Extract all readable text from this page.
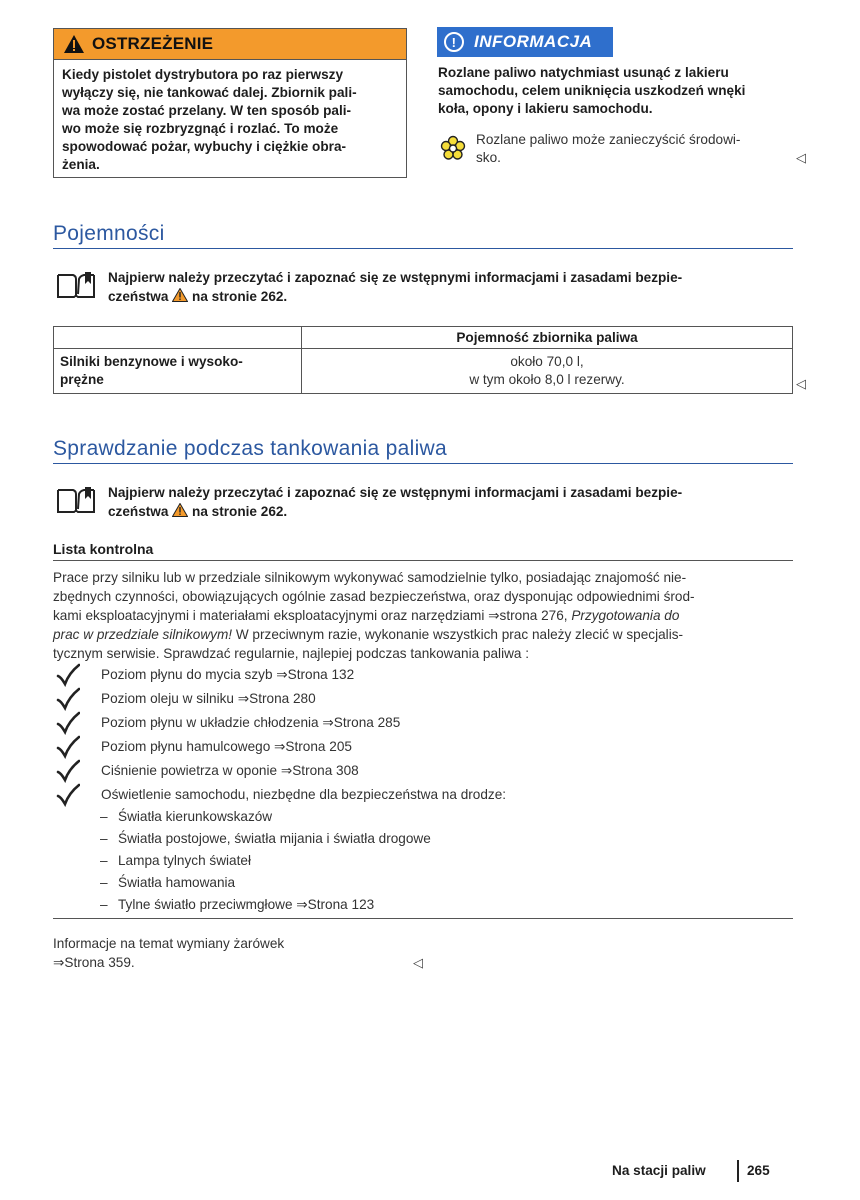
OSTRZEŻENIE
Kiedy pistolet dystrybutora po raz pierwszy
wyłączy się, nie tankować dalej. Zbiornik pali-
wa może zostać przelany. W ten sposób pali-
wo może się rozbryzgnąć i rozlać. To może
spowodować pożar, wybuchy i ciężkie obra-
żenia.
!	INFORMACJA
Rozlane paliwo natychmiast usunąć z lakieru
samochodu, celem uniknięcia uszkodzeń wnęki
koła, opony i lakieru samochodu.
Rozlane paliwo może zanieczyścić środowi-
sko.	◁
Pojemności
Najpierw należy przeczytać i zapoznać się ze wstępnymi informacjami i zasadami bezpie-
czeństwa na stronie 262.
	Pojemność zbiornika paliwa

Silniki benzynowe i wysoko-
prężne	około 70,0 l,
w tym około 8,0 l rezerwy.	◁
Sprawdzanie podczas tankowania paliwa
Najpierw należy przeczytać i zapoznać się ze wstępnymi informacjami i zasadami bezpie-
czeństwa na stronie 262.
Lista kontrolna
Prace przy silniku lub w przedziale silnikowym wykonywać samodzielnie tylko, posiadając znajomość nie-
zbędnych czynności, obowiązujących ogólnie zasad bezpieczeństwa, oraz dysponując odpowiednimi środ-
kami eksploatacyjnymi i materiałami eksploatacyjnymi oraz narzędziami ⇒strona 276, Przygotowania do
prac w przedziale silnikowym! W przeciwnym razie, wykonanie wszystkich prac należy zlecić w specjalis-
tycznym serwisie. Sprawdzać regularnie, najlepiej podczas tankowania paliwa :
Poziom płynu do mycia szyb ⇒Strona 132
Poziom oleju w silniku ⇒Strona 280
Poziom płynu w układzie chłodzenia ⇒Strona 285
Poziom płynu hamulcowego ⇒Strona 205
Ciśnienie powietrza w oponie ⇒Strona 308
Oświetlenie samochodu, niezbędne dla bezpieczeństwa na drodze:
– Światła kierunkowskazów
– Światła postojowe, światła mijania i światła drogowe
– Lampa tylnych świateł
– Światła hamowania
– Tylne światło przeciwmgłowe ⇒Strona 123
Informacje na temat wymiany żarówek
⇒Strona 359.	◁
Na stacji paliw	265
